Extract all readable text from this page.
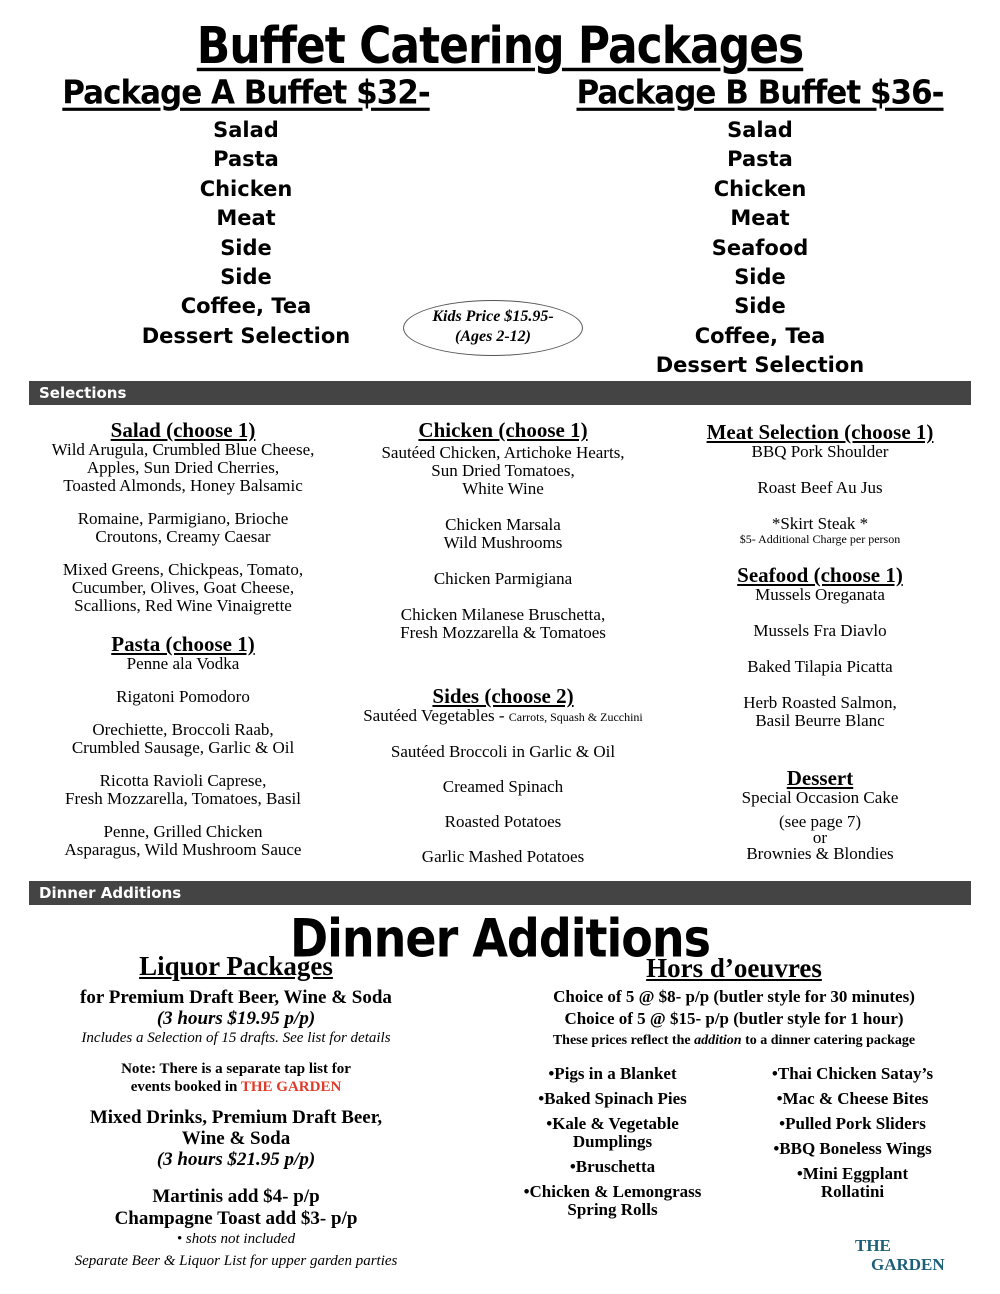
Buffet Catering Packages
Package A Buffet $32-	Package B Buffet $36-
Salad
Pasta
Chicken
Meat
Side
Side
Coffee, Tea
Dessert Selection
Salad
Pasta
Chicken
Meat
Seafood
Side
Side
Coffee, Tea
Dessert Selection
Kids Price $15.95-
(Ages 2-12)
Selections
Salad (choose 1)
Wild Arugula, Crumbled Blue Cheese,
Apples, Sun Dried Cherries,
Toasted Almonds, Honey Balsamic
Romaine, Parmigiano, Brioche
Croutons, Creamy Caesar
Mixed Greens, Chickpeas, Tomato,
Cucumber, Olives, Goat Cheese,
Scallions, Red Wine Vinaigrette
Pasta (choose 1)
Penne ala Vodka
Rigatoni Pomodoro
Orechiette, Broccoli Raab,
Crumbled Sausage, Garlic & Oil
Ricotta Ravioli Caprese,
Fresh Mozzarella, Tomatoes, Basil
Penne, Grilled Chicken
Asparagus, Wild Mushroom Sauce
Chicken (choose 1)
Sautéed Chicken, Artichoke Hearts,
Sun Dried Tomatoes,
White Wine
Chicken Marsala
Wild Mushrooms
Chicken Parmigiana
Chicken Milanese Bruschetta,
Fresh Mozzarella & Tomatoes
Sides (choose 2)
Sautéed Vegetables - Carrots, Squash & Zucchini
Sautéed Broccoli in Garlic & Oil
Creamed Spinach
Roasted Potatoes
Garlic Mashed Potatoes
Meat Selection (choose 1)
BBQ Pork Shoulder
Roast Beef Au Jus
*Skirt Steak *
$5- Additional Charge per person
Seafood (choose 1)
Mussels Oreganata
Mussels Fra Diavlo
Baked Tilapia Picatta
Herb Roasted Salmon,
Basil Beurre Blanc
Dessert
Special Occasion Cake
(see page 7)
or
Brownies & Blondies
Dinner Additions
Dinner Additions
Liquor Packages
for Premium Draft Beer, Wine & Soda
(3 hours $19.95 p/p)
Includes a Selection of 15 drafts. See list for details
Note: There is a separate tap list for
events booked in THE GARDEN
Mixed Drinks, Premium Draft Beer,
Wine & Soda
(3 hours $21.95 p/p)
Martinis add $4- p/p
Champagne Toast add $3- p/p
• shots not included
Separate Beer & Liquor List for upper garden parties
Hors d’oeuvres
Choice of 5 @ $8- p/p (butler style for 30 minutes)
Choice of 5 @ $15- p/p (butler style for 1 hour)
These prices reflect the addition to a dinner catering package
•Pigs in a Blanket
•Baked Spinach Pies
•Kale & Vegetable
Dumplings
•Bruschetta
•Chicken & Lemongrass
Spring Rolls
•Thai Chicken Satay’s
•Mac & Cheese Bites
•Pulled Pork Sliders
•BBQ Boneless Wings
•Mini Eggplant
Rollatini
THE
GARDEN
